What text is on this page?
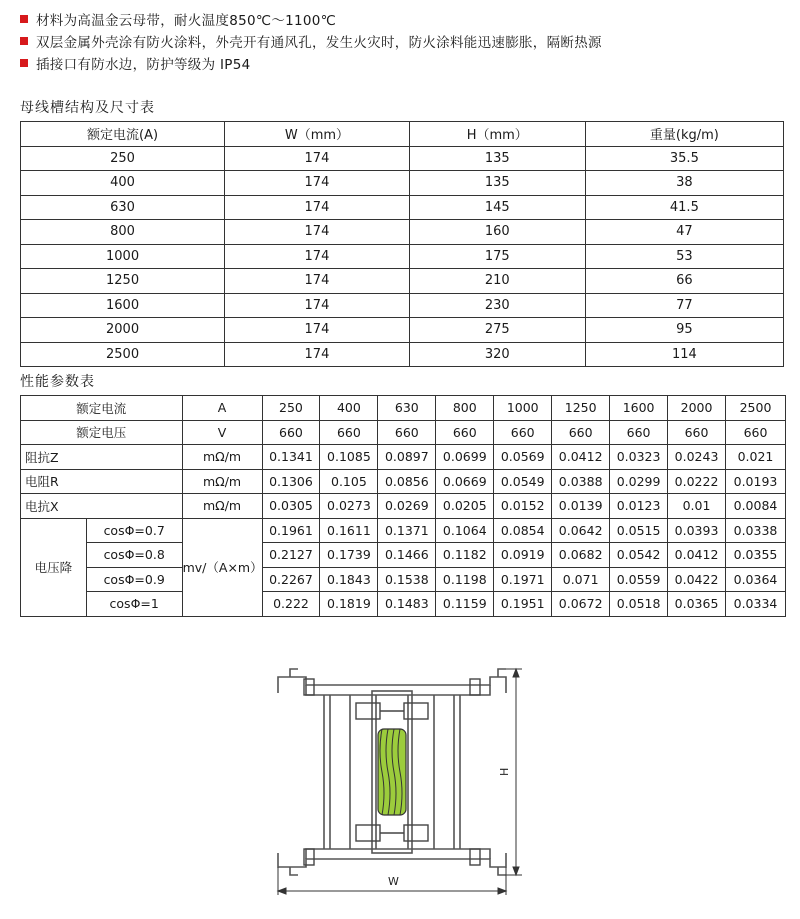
材料为高温金云母带，耐火温度850℃～1100℃
双层金属外壳涂有防火涂料，外壳开有通风孔，发生火灾时，防火涂料能迅速膨胀，隔断热源
插接口有防水边，防护等级为 IP54
母线槽结构及尺寸表
额定电流(A)	W（mm）	H（mm）	重量(kg/m)
250	174	135	35.5
400	174	135	38
630	174	145	41.5
800	174	160	47
1000	174	175	53
1250	174	210	66
1600	174	230	77
2000	174	275	95
2500	174	320	114
性能参数表
额定电流		A	250	400	630	800	1000	1250	1600	2000	2500
额定电压		V	660	660	660	660	660	660	660	660	660
阻抗Z		mΩ/m	0.1341	0.1085	0.0897	0.0699	0.0569	0.0412	0.0323	0.0243	0.021
电阻R		mΩ/m	0.1306	0.105	0.0856	0.0669	0.0549	0.0388	0.0299	0.0222	0.0193
电抗X		mΩ/m	0.0305	0.0273	0.0269	0.0205	0.0152	0.0139	0.0123	0.01	0.0084
电压降	cosΦ=0.7	mv/（A×m）	0.1961	0.1611	0.1371	0.1064	0.0854	0.0642	0.0515	0.0393	0.0338
	cosΦ=0.8		0.2127	0.1739	0.1466	0.1182	0.0919	0.0682	0.0542	0.0412	0.0355
	cosΦ=0.9		0.2267	0.1843	0.1538	0.1198	0.1971	0.071	0.0559	0.0422	0.0364
	cosΦ=1		0.222	0.1819	0.1483	0.1159	0.1951	0.0672	0.0518	0.0365	0.0334
H
W
